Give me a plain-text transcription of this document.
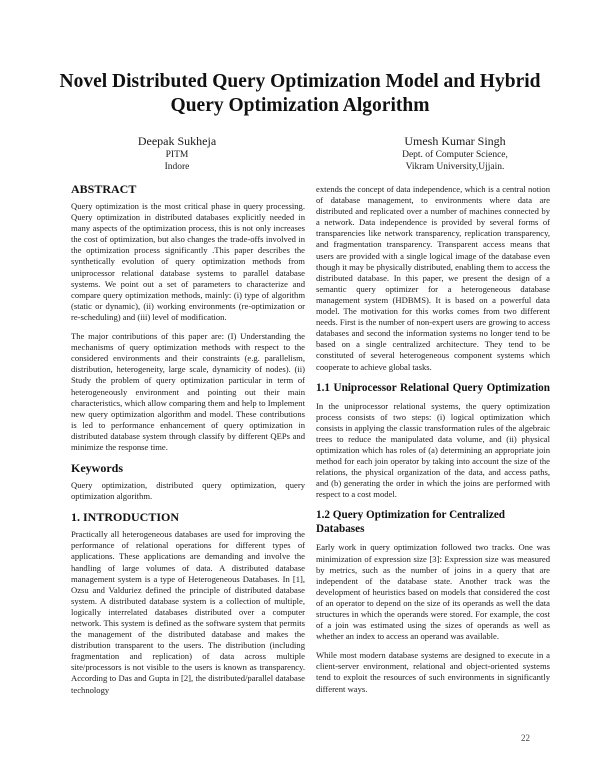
Novel Distributed Query Optimization Model and Hybrid Query Optimization Algorithm
Deepak Sukheja
PITM
Indore
Umesh Kumar Singh
Dept. of Computer Science,
Vikram University,Ujjain.
ABSTRACT

Query optimization is the most critical phase in query processing. Query optimization in distributed databases explicitly needed in many aspects of the optimization process, this is not only increases the cost of optimization, but also changes the trade-offs involved in the optimization process significantly .This paper describes the synthetically evolution of query optimization methods from uniprocessor relational database systems to parallel database systems. We point out a set of parameters to characterize and compare query optimization methods, mainly: (i) type of algorithm (static or dynamic), (ii) working environments (re-optimization or re-scheduling) and (iii) level of modification.

The major contributions of this paper are: (I) Understanding the mechanisms of query optimization methods with respect to the considered environments and their constraints (e.g. parallelism, distribution, heterogeneity, large scale, dynamicity of nodes). (ii) Study the problem of query optimization particular in term of heterogeneously environment and pointing out their main characteristics, which allow comparing them and help to Implement new query optimization algorithm and model. These contributions is led to performance enhancement of query optimization in distributed database system through classify by different QEPs and minimize the response time.

Keywords

Query optimization, distributed query optimization, query optimization algorithm.

1. INTRODUCTION

Practically all heterogeneous databases are used for improving the performance of relational operations for different types of applications. These applications are demanding and involve the handling of large volumes of data. A distributed database management system is a type of Heterogeneous Databases. In [1], Ozsu and Valduriez defined the principle of distributed database system. A distributed database system is a collection of multiple, logically interrelated databases distributed over a computer network. This system is defined as the software system that permits the management of the distributed database and makes the distribution transparent to the users. The distribution (including fragmentation and replication) of data across multiple site/processors is not visible to the users is known as transparency. According to Das and Gupta in [2], the distributed/parallel database technology

extends the concept of data independence, which is a central notion of database management, to environments where data are distributed and replicated over a number of machines connected by a network. Data independence is provided by several forms of transparencies like network transparency, replication transparency, and fragmentation transparency. Transparent access means that users are provided with a single logical image of the database even though it may be physically distributed, enabling them to access the distributed database. In this paper, we present the design of a semantic query optimizer for a heterogeneous database management system (HDBMS). It is based on a powerful data model. The motivation for this works comes from two different needs. First is the number of non-expert users are growing to access databases and second the information systems no longer tend to be based on a single centralized architecture. They tend to be constituted of several heterogeneous component systems which cooperate to achieve global tasks.

1.1 Uniprocessor Relational Query Optimization

In the uniprocessor relational systems, the query optimization process consists of two steps: (i) logical optimization which consists in applying the classic transformation rules of the algebraic trees to reduce the manipulated data volume, and (ii) physical optimization which has roles of (a) determining an appropriate join method for each join operator by taking into account the size of the relations, the physical organization of the data, and access paths, and (b) generating the order in which the joins are performed with respect to a cost model.

1.2 Query Optimization for Centralized Databases

Early work in query optimization followed two tracks. One was minimization of expression size [3]: Expression size was measured by metrics, such as the number of joins in a query that are independent of the database state. Another track was the development of heuristics based on models that considered the cost of an operator to depend on the size of its operands as well the data structures in which the operands were stored. For example, the cost of a join was estimated using the sizes of operands as well as whether an index to access an operand was available.

While most modern database systems are designed to execute in a client-server environment, relational and object-oriented systems tend to exploit the resources of such environments in significantly different ways.

22
